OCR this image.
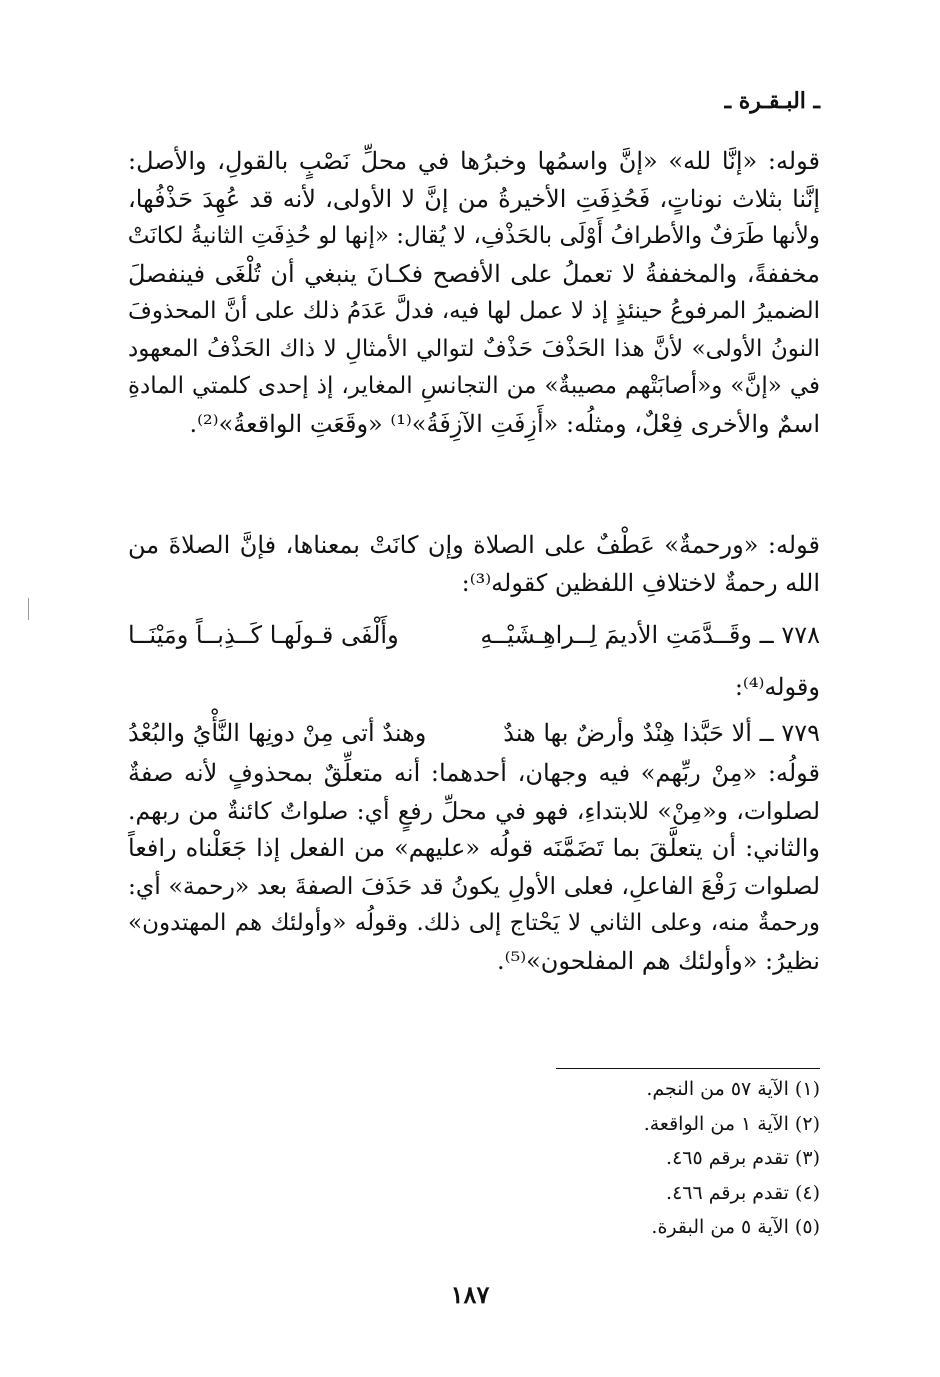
ـ البـقـرة ـ
قوله: «إنَّا لله» «إنَّ واسمُها وخبرُها في محلِّ نَصْبٍ بالقولِ، والأصل:
إنَّنا بثلاث نوناتٍ، فَحُذِفَتِ الأخيرةُ من إنَّ لا الأولى، لأنه قد عُهِدَ حَذْفُها،
ولأنها طَرَفٌ والأطرافُ أَوْلَى بالحَذْفِ، لا يُقال: «إنها لو حُذِفَتِ الثانيةُ لكانَتْ
مخففةً، والمخففةُ لا تعملُ على الأفصح فكـانَ ينبغي أن تُلْغَى فينفصلَ
الضميرُ المرفوعُ حينئذٍ إذ لا عمل لها فيه، فدلَّ عَدَمُ ذلك على أنَّ المحذوفَ
النونُ الأولى» لأنَّ هذا الحَذْفَ حَذْفٌ لتوالي الأمثالِ لا ذاك الحَذْفُ المعهود
في «إنَّ» و«أصابَتْهم مصيبةٌ» من التجانسِ المغاير، إذ إحدى كلمتي المادةِ
اسمٌ والأخرى فِعْلٌ، ومثلُه: «أَزِفَتِ الآزِفَةُ»⁽¹⁾ «وقَعَتِ الواقعةُ»⁽²⁾.
قوله: «ورحمةٌ» عَطْفٌ على الصلاة وإن كانَتْ بمعناها، فإنَّ الصلاةَ من
الله رحمةٌ لاختلافِ اللفظين كقوله⁽³⁾:
٧٧٨ ــ وقَــدَّمَتِ الأديمَ لِــراهِـشَيْــهِ
وأَلْفَى قـولَهـا كَــذِبــاً ومَيْنَــا
وقوله⁽⁴⁾:
٧٧٩ ــ ألا حَبَّذا هِنْدٌ وأرضٌ بها هندٌ
وهندٌ أتى مِنْ دونِها النَّأْيُ والبُعْدُ
قولُه: «مِنْ ربِّهم» فيه وجهان، أحدهما: أنه متعلِّقٌ بمحذوفٍ لأنه صفةٌ
لصلوات، و«مِنْ» للابتداءِ، فهو في محلِّ رفعٍ أي: صلواتٌ كائنةٌ من ربهم.
والثاني: أن يتعلَّقَ بما تَضَمَّنَه قولُه «عليهم» من الفعل إذا جَعَلْناه رافعاً
لصلوات رَفْعَ الفاعلِ، فعلى الأولِ يكونُ قد حَذَفَ الصفةَ بعد «رحمة» أي:
ورحمةٌ منه، وعلى الثاني لا يَحْتاج إلى ذلك. وقولُه «وأولئك هم المهتدون»
نظيرُ: «وأولئك هم المفلحون»⁽⁵⁾.
(١) الآية ٥٧ من النجم.
(٢) الآية ١ من الواقعة.
(٣) تقدم برقم ٤٦٥.
(٤) تقدم برقم ٤٦٦.
(٥) الآية ٥ من البقرة.
١٨٧
